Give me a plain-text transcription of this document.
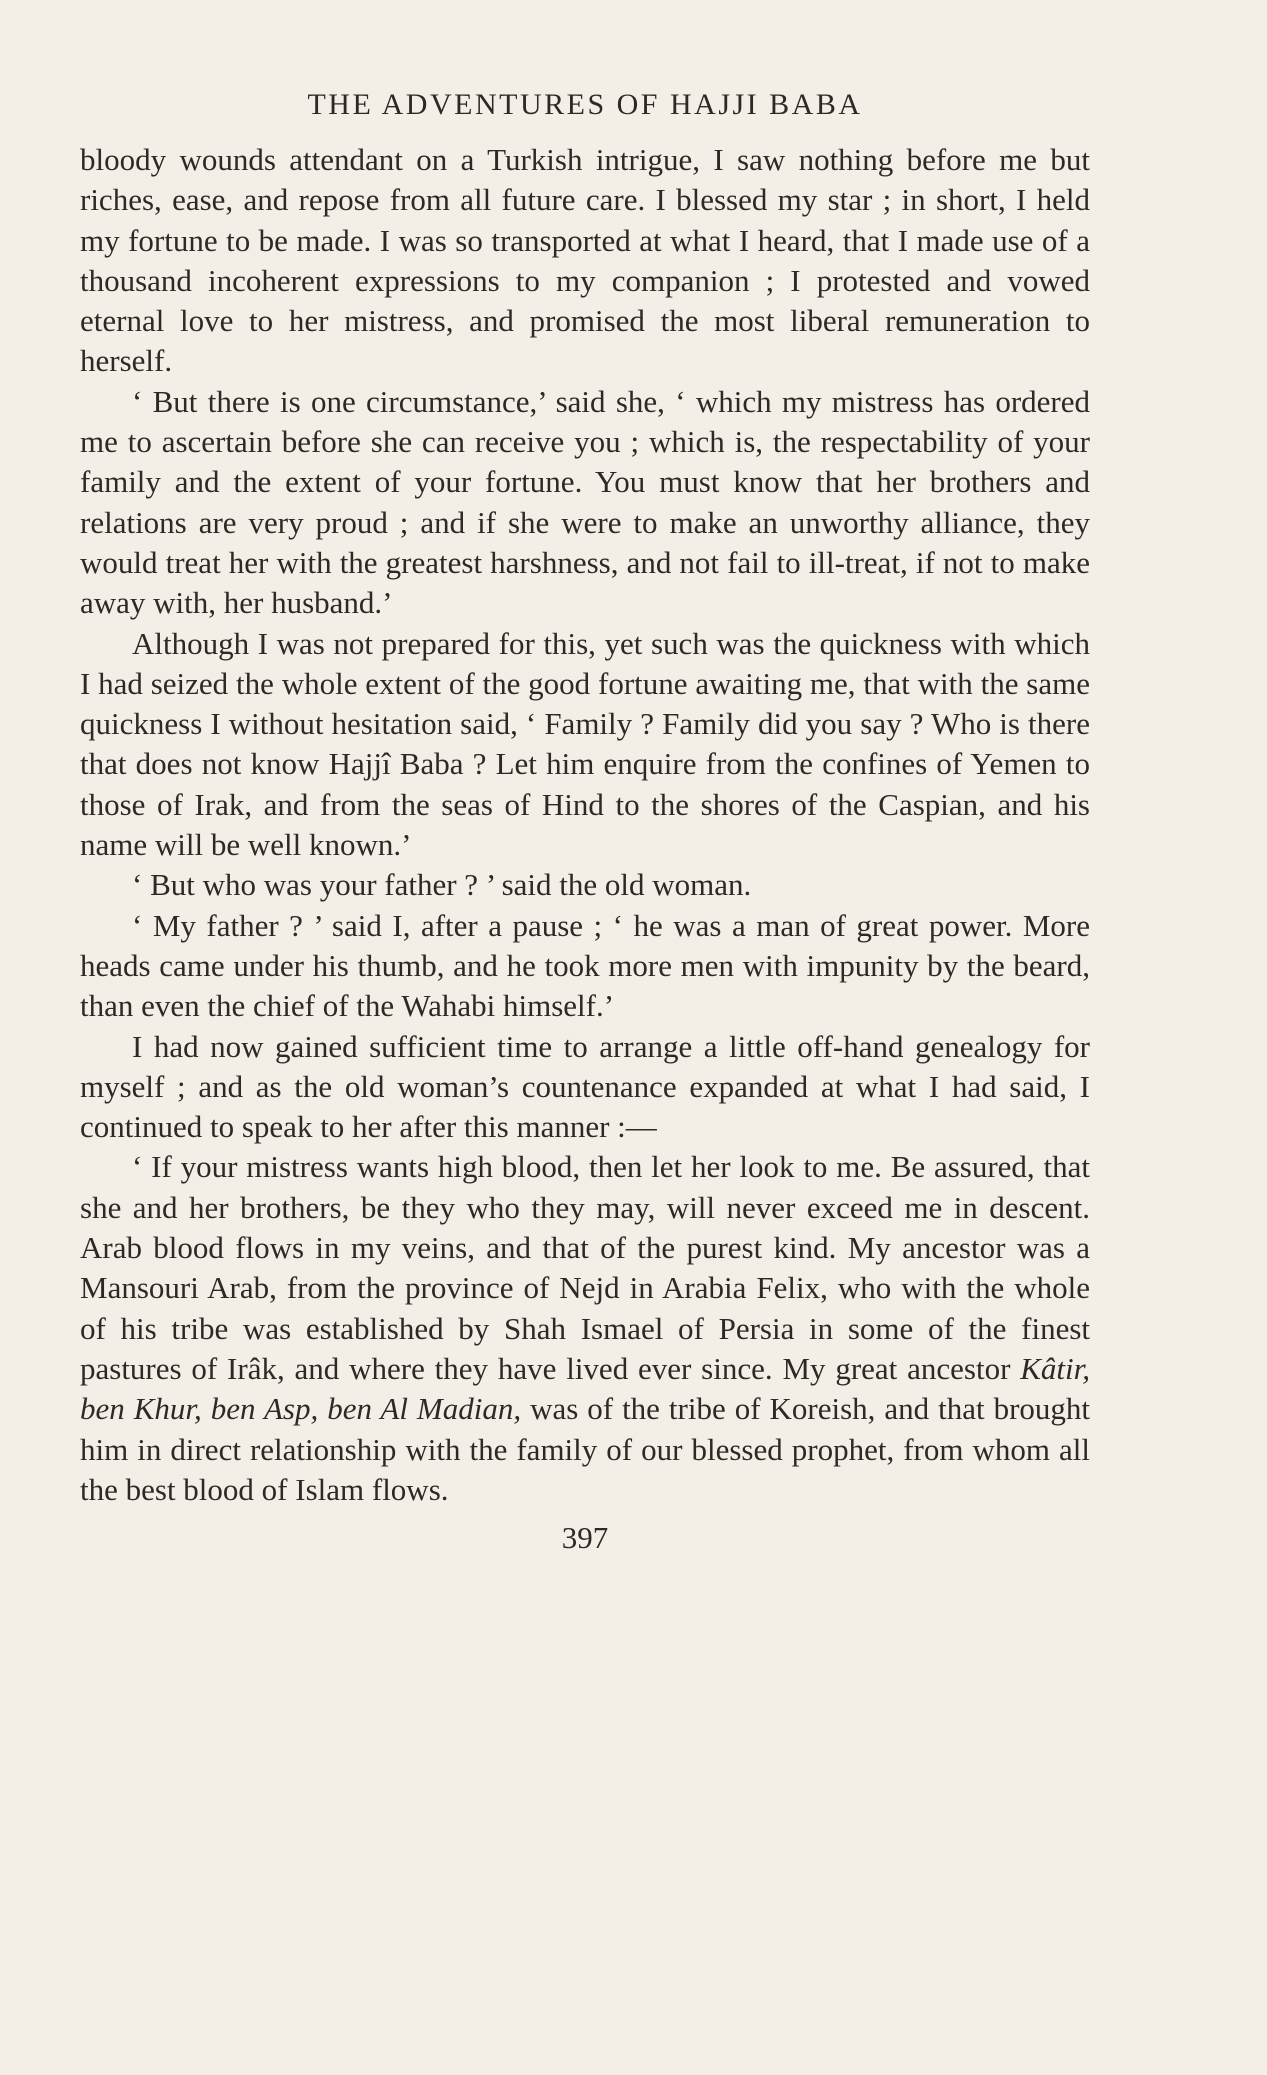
THE ADVENTURES OF HAJJI BABA

bloody wounds attendant on a Turkish intrigue, I saw nothing before me but riches, ease, and repose from all future care. I blessed my star ; in short, I held my fortune to be made. I was so transported at what I heard, that I made use of a thousand incoherent expressions to my companion ; I protested and vowed eternal love to her mistress, and promised the most liberal remuneration to herself.

‘ But there is one circumstance,’ said she, ‘ which my mistress has ordered me to ascertain before she can receive you ; which is, the respectability of your family and the extent of your fortune. You must know that her brothers and relations are very proud ; and if she were to make an unworthy alliance, they would treat her with the greatest harshness, and not fail to ill-treat, if not to make away with, her husband.’

Although I was not prepared for this, yet such was the quickness with which I had seized the whole extent of the good fortune awaiting me, that with the same quickness I without hesitation said, ‘ Family ? Family did you say ? Who is there that does not know Hajjî Baba ? Let him enquire from the confines of Yemen to those of Irak, and from the seas of Hind to the shores of the Caspian, and his name will be well known.’

‘ But who was your father ? ’ said the old woman.

‘ My father ? ’ said I, after a pause ; ‘ he was a man of great power. More heads came under his thumb, and he took more men with impunity by the beard, than even the chief of the Wahabi himself.’

I had now gained sufficient time to arrange a little off-hand genealogy for myself ; and as the old woman’s countenance expanded at what I had said, I continued to speak to her after this manner :—

‘ If your mistress wants high blood, then let her look to me. Be assured, that she and her brothers, be they who they may, will never exceed me in descent. Arab blood flows in my veins, and that of the purest kind. My ancestor was a Mansouri Arab, from the province of Nejd in Arabia Felix, who with the whole of his tribe was established by Shah Ismael of Persia in some of the finest pastures of Irâk, and where they have lived ever since. My great ancestor Kâtir, ben Khur, ben Asp, ben Al Madian, was of the tribe of Koreish, and that brought him in direct relationship with the family of our blessed prophet, from whom all the best blood of Islam flows.

397
